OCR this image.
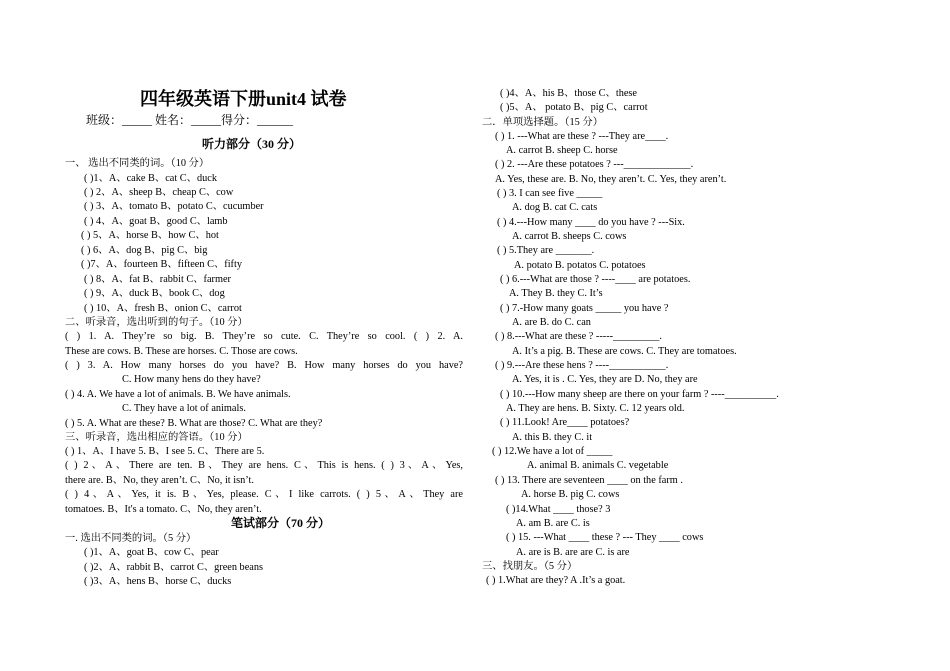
四年级英语下册unit4 试卷
班级：_____ 姓名：_____得分：______
听力部分（30 分）
一、 选出不同类的词。（10 分）
( )1、A、cake B、cat C、duck
( ) 2、A、sheep B、cheap C、cow
( ) 3、A、tomato B、potato C、cucumber
( ) 4、A、goat B、good C、lamb
( ) 5、A、horse B、how C、hot
( ) 6、A、dog B、pig C、big
( )7、A、fourteen B、fifteen C、fifty
( ) 8、A、fat B、rabbit C、farmer
( ) 9、A、duck B、book C、dog
( ) 10、A、fresh B、onion C、carrot
二、听录音，选出听到的句子。（10 分）
( ) 1. A. They’re so big. B. They’re so cute. C. They’re so cool. ( ) 2. A.
These are cows. B. These are horses. C. Those are cows.
( ) 3. A. How many horses do you have? B. How many horses do you have?
C. How many hens do they have?
( ) 4. A. We have a lot of animals. B. We have animals.
C. They have a lot of animals.
( ) 5. A. What are these? B. What are those? C. What are they?
三、听录音，选出相应的答语。（10 分）
( ) 1、A、I have 5. B、I see 5. C、There are 5.
( ) 2、A、There are ten. B、They are hens. C、This is hens. ( ) 3、A、Yes,
there are. B、No, they aren’t. C、No, it isn’t.
( ) 4、A、Yes, it is. B、Yes, please. C、I like carrots. ( ) 5、A、They are
tomatoes. B、It's a tomato. C、No, they aren’t.
笔试部分（70 分）
一. 选出不同类的词。（5 分）
( )1、A、goat B、cow C、pear
( )2、A、rabbit B、carrot C、green beans
( )3、A、hens B、horse C、ducks
( )4、A、his B、those C、these
( )5、A、 potato B、pig C、carrot
二．单项选择题。（15 分）
( ) 1. ---What are these ? ---They are____.
A. carrot B. sheep C. horse
( ) 2. ---Are these potatoes ? ---_____________.
A. Yes, these are. B. No, they aren’t. C. Yes, they aren’t.
( ) 3. I can see five _____
A. dog B. cat C. cats
( ) 4.---How many ____ do you have ? ---Six.
A. carrot B. sheeps C. cows
( ) 5.They are _______.
A. potato B. potatos C. potatoes
( ) 6.---What are those ? ----____ are potatoes.
A. They B. they C. It’s
( ) 7.-How many goats _____ you have ?
A. are B. do C. can
( ) 8.---What are these ? -----_________.
A. It’s a pig. B. These are cows. C. They are tomatoes.
( ) 9.---Are these hens ? ----___________.
A. Yes, it is . C. Yes, they are D. No, they are
( ) 10.---How many sheep are there on your farm ? ----__________.
A. They are hens. B. Sixty. C. 12 years old.
( ) 11.Look! Are____ potatoes?
A. this B. they C. it
( ) 12.We have a lot of _____
A. animal B. animals C. vegetable
( ) 13. There are seventeen ____ on the farm .
A. horse B. pig C. cows
( )14.What ____ those? 3
A. am B. are C. is
( ) 15. ---What ____ these ? --- They ____ cows
A. are is B. are are C. is are
三、找朋友。（5 分）
( ) 1.What are they? A .It’s a goat.
